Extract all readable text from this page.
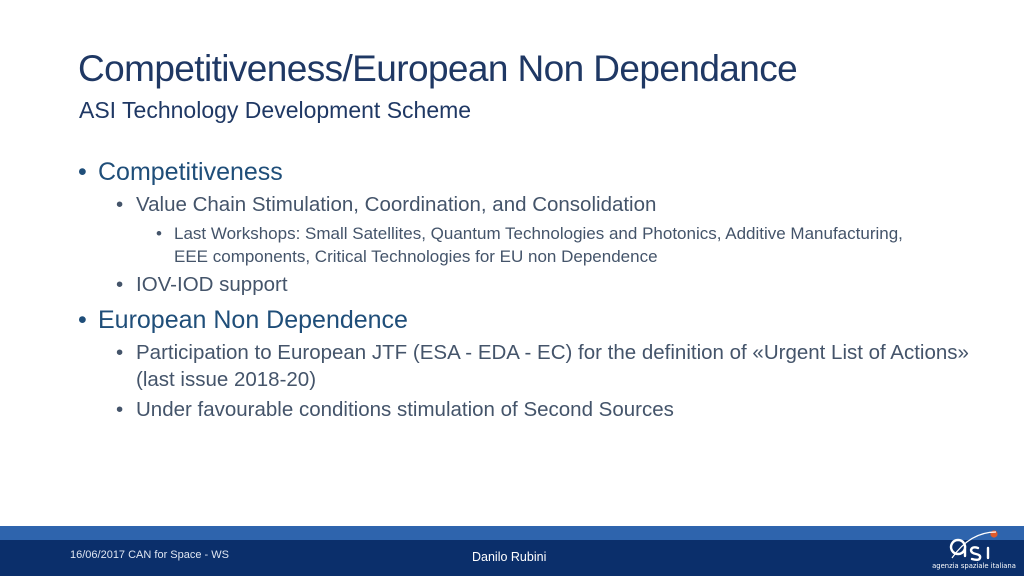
Competitiveness/European Non Dependance
ASI Technology Development Scheme
• Competitiveness
• Value Chain Stimulation, Coordination, and Consolidation
• Last Workshops: Small Satellites, Quantum Technologies and Photonics, Additive Manufacturing, EEE components, Critical Technologies for EU non Dependence
• IOV-IOD support
• European Non Dependence
• Participation to European JTF (ESA - EDA - EC) for the definition of «Urgent List of Actions» (last issue 2018-20)
• Under favourable conditions stimulation of Second Sources
16/06/2017 CAN for Space - WS	Danilo Rubini
agenzia spaziale italiana
